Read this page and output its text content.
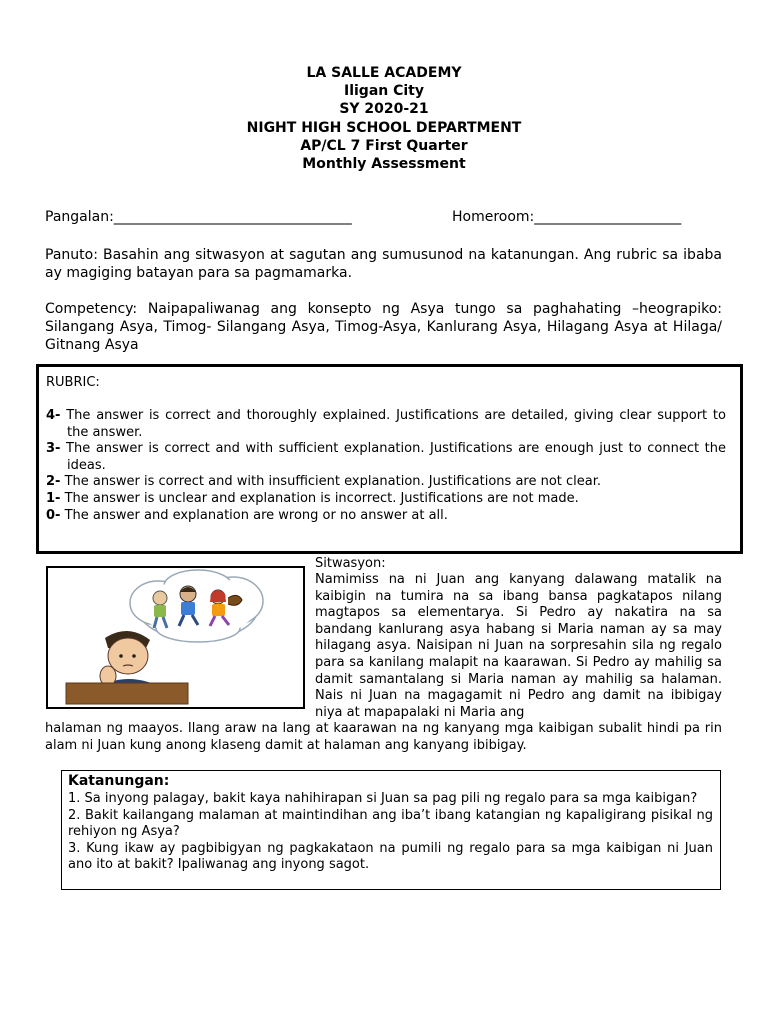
LA SALLE ACADEMY
Iligan City
SY 2020-21
NIGHT HIGH SCHOOL DEPARTMENT
AP/CL 7 First Quarter
Monthly Assessment
Pangalan:__________________________________	Homeroom:_____________________
Panuto: Basahin ang sitwasyon at sagutan ang sumusunod na katanungan. Ang rubric sa ibaba ay magiging batayan para sa pagmamarka.
Competency: Naipapaliwanag ang konsepto ng Asya tungo sa paghahating –heograpiko: Silangang Asya, Timog- Silangang Asya, Timog-Asya, Kanlurang Asya, Hilagang Asya at Hilaga/ Gitnang Asya
RUBRIC:
4- The answer is correct and thoroughly explained. Justifications are detailed, giving clear support to the answer.
3- The answer is correct and with sufficient explanation. Justifications are enough just to connect the ideas.
2- The answer is correct and with insufficient explanation. Justifications are not clear.
1- The answer is unclear and explanation is incorrect. Justifications are not made.
0- The answer and explanation are wrong or no answer at all.
Sitwasyon:
Namimiss na ni Juan ang kanyang dalawang matalik na kaibigin na tumira na sa ibang bansa pagkatapos nilang magtapos sa elementarya. Si Pedro ay nakatira na sa bandang kanlurang asya habang si Maria naman ay sa may hilagang asya. Naisipan ni Juan na sorpresahin sila ng regalo para sa kanilang malapit na kaarawan. Si Pedro ay mahilig sa damit samantalang si Maria naman ay mahilig sa halaman. Nais ni Juan na magagamit ni Pedro ang damit na ibibigay niya at mapapalaki ni Maria ang
halaman ng maayos. Ilang araw na lang at kaarawan na ng kanyang mga kaibigan subalit hindi pa rin alam ni Juan kung anong klaseng damit at halaman ang kanyang ibibigay.
Katanungan:
1. Sa inyong palagay, bakit kaya nahihirapan si Juan sa pag pili ng regalo para sa mga kaibigan?
2. Bakit kailangang malaman at maintindihan ang iba’t ibang katangian ng kapaligirang pisikal ng rehiyon ng Asya?
3. Kung ikaw ay pagbibigyan ng pagkakataon na pumili ng regalo para sa mga kaibigan ni Juan ano ito at bakit? Ipaliwanag ang inyong sagot.
